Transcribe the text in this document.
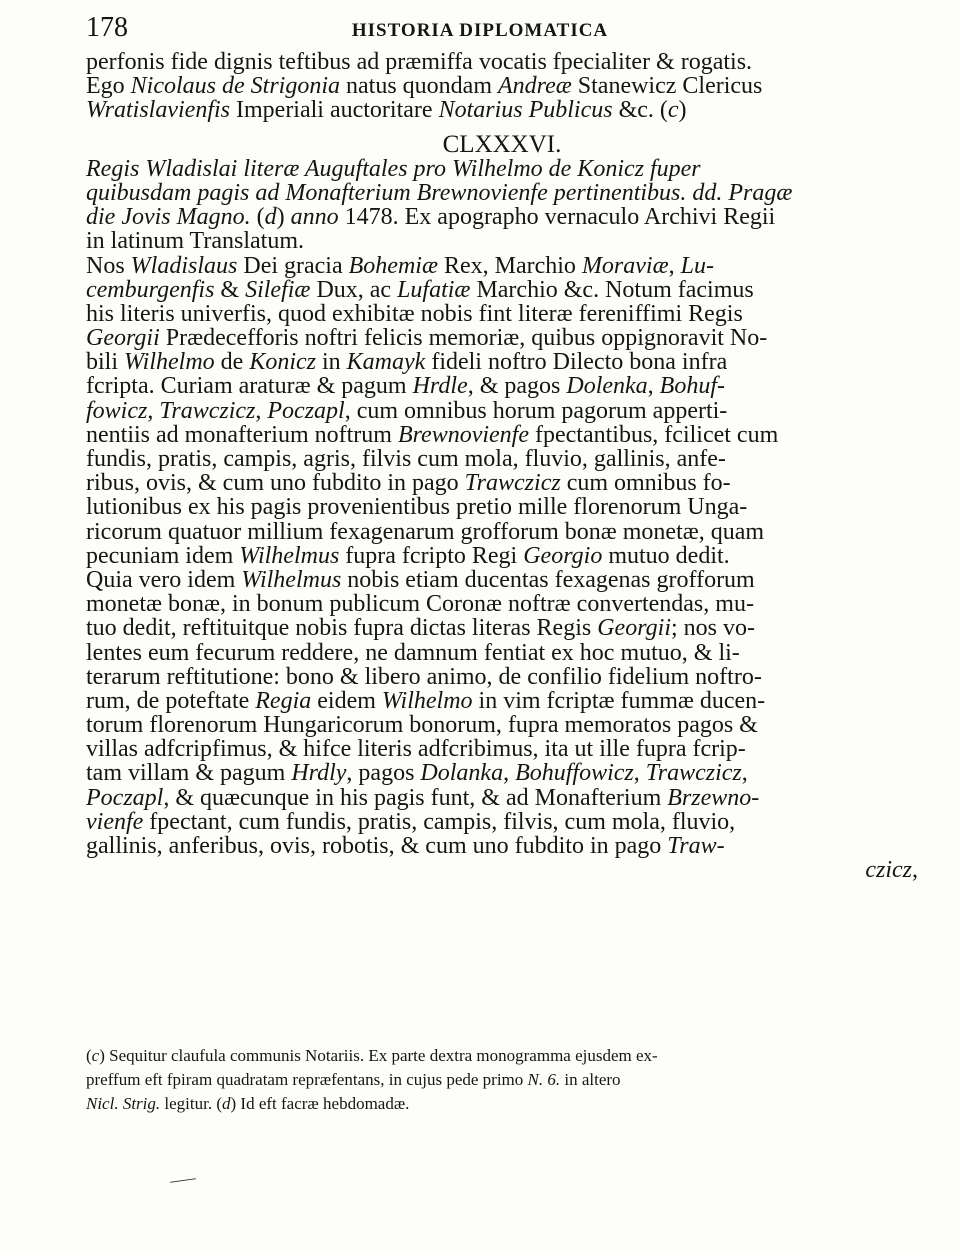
178	HISTORIA DIPLOMATICA
perfonis fide dignis teftibus ad præmiffa vocatis fpecialiter & rogatis.
Ego Nicolaus de Strigonia natus quondam Andreæ Stanewicz Clericus
Wratislavienfis Imperiali auctoritare Notarius Publicus &c. (c)
CLXXXVI.
Regis Wladislai literæ Auguftales pro Wilhelmo de Konicz fuper
quibusdam pagis ad Monafterium Brewnovienfe pertinentibus. dd. Pragæ
die Jovis Magno. (d) anno 1478. Ex apographo vernaculo Archivi Regii
in latinum Translatum.
Nos Wladislaus Dei gracia Bohemiæ Rex, Marchio Moraviæ, Lu-
cemburgenfis & Silefiæ Dux, ac Lufatiæ Marchio &c. Notum facimus
his literis univerfis, quod exhibitæ nobis fint literæ fereniffimi Regis
Georgii Prædecefforis noftri felicis memoriæ, quibus oppignoravit No-
bili Wilhelmo de Konicz in Kamayk fideli noftro Dilecto bona infra
fcripta. Curiam araturæ & pagum Hrdle, & pagos Dolenka, Bohuf-
fowicz, Trawczicz, Poczapl, cum omnibus horum pagorum apperti-
nentiis ad monafterium noftrum Brewnovienfe fpectantibus, fcilicet cum
fundis, pratis, campis, agris, filvis cum mola, fluvio, gallinis, anfe-
ribus, ovis, & cum uno fubdito in pago Trawczicz cum omnibus fo-
lutionibus ex his pagis provenientibus pretio mille florenorum Unga-
ricorum quatuor millium fexagenarum grofforum bonæ monetæ, quam
pecuniam idem Wilhelmus fupra fcripto Regi Georgio mutuo dedit.
Quia vero idem Wilhelmus nobis etiam ducentas fexagenas grofforum
monetæ bonæ, in bonum publicum Coronæ noftræ convertendas, mu-
tuo dedit, reftituitque nobis fupra dictas literas Regis Georgii; nos vo-
lentes eum fecurum reddere, ne damnum fentiat ex hoc mutuo, & li-
terarum reftitutione: bono & libero animo, de confilio fidelium noftro-
rum, de poteftate Regia eidem Wilhelmo in vim fcriptæ fummæ ducen-
torum florenorum Hungaricorum bonorum, fupra memoratos pagos &
villas adfcripfimus, & hifce literis adfcribimus, ita ut ille fupra fcrip-
tam villam & pagum Hrdly, pagos Dolanka, Bohuffowicz, Trawczicz,
Poczapl, & quæcunque in his pagis funt, & ad Monafterium Brzewno-
vienfe fpectant, cum fundis, pratis, campis, filvis, cum mola, fluvio,
gallinis, anferibus, ovis, robotis, & cum uno fubdito in pago Traw-
czicz,
(c) Sequitur claufula communis Notariis. Ex parte dextra monogramma ejusdem ex-
preffum eft fpiram quadratam repræfentans, in cujus pede primo N. 6. in altero
Nicl. Strig. legitur. (d) Id eft facræ hebdomadæ.
